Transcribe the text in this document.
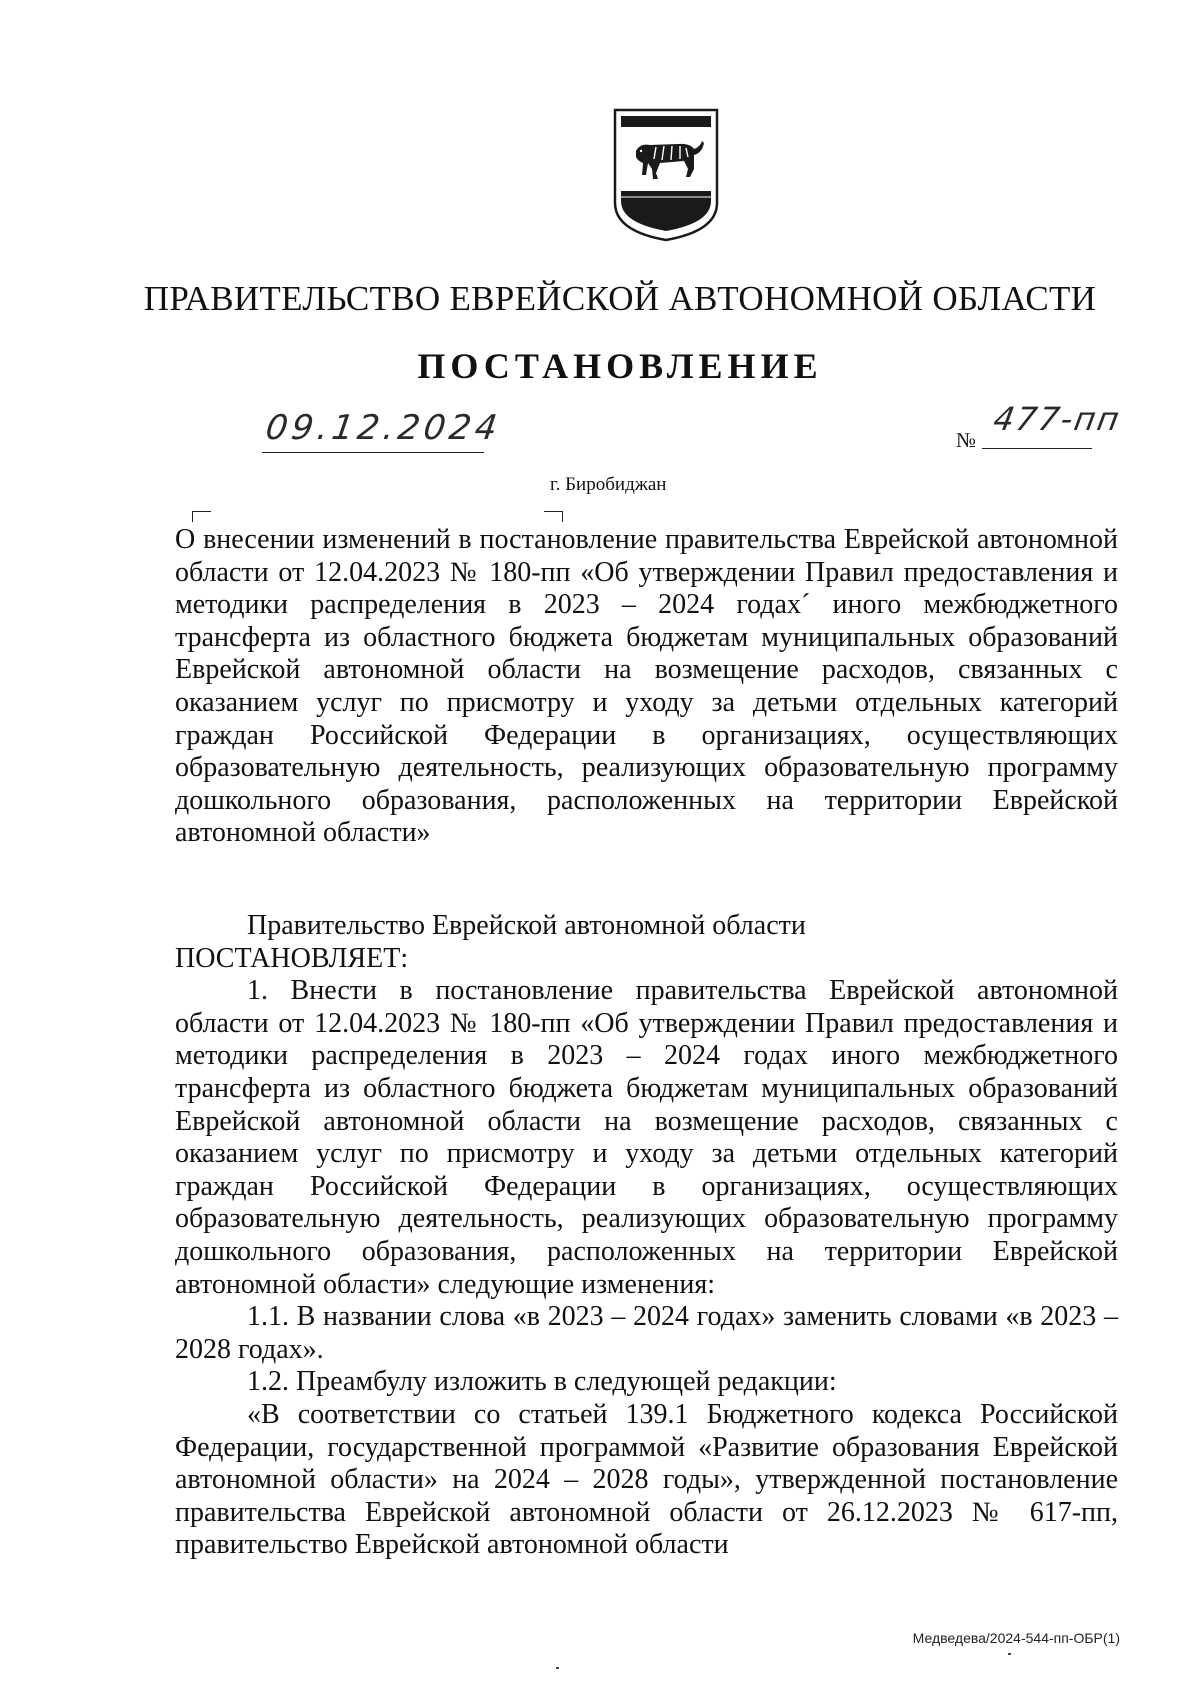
ПРАВИТЕЛЬСТВО ЕВРЕЙСКОЙ АВТОНОМНОЙ ОБЛАСТИ
ПОСТАНОВЛЕНИЕ
09.12.2024	№
477-пп
г. Биробиджан
О внесении изменений в постановление правительства Еврейской автономной области от 12.04.2023 № 180-пп «Об утверждении Правил предоставления и методики распределения в 2023 – 2024 годах´ иного межбюджетного трансферта из областного бюджета бюджетам муниципальных образований Еврейской автономной области на возмещение расходов, связанных с оказанием услуг по присмотру и уходу за детьми отдельных категорий граждан Российской Федерации в организациях, осуществляющих образовательную деятельность, реализующих образовательную программу дошкольного образования, расположенных на территории Еврейской автономной области»

Правительство Еврейской автономной области

ПОСТАНОВЛЯЕТ:

1. Внести в постановление правительства Еврейской автономной области от 12.04.2023 № 180-пп «Об утверждении Правил предоставления и методики распределения в 2023 – 2024 годах иного межбюджетного трансферта из областного бюджета бюджетам муниципальных образований Еврейской автономной области на возмещение расходов, связанных с оказанием услуг по присмотру и уходу за детьми отдельных категорий граждан Российской Федерации в организациях, осуществляющих образовательную деятельность, реализующих образовательную программу дошкольного образования, расположенных на территории Еврейской автономной области» следующие изменения:

1.1. В названии слова «в 2023 – 2024 годах» заменить словами «в 2023 – 2028 годах».

1.2. Преамбулу изложить в следующей редакции:

«В соответствии со статьей 139.1 Бюджетного кодекса Российской Федерации, государственной программой «Развитие образования Еврейской автономной области» на 2024 – 2028 годы», утвержденной постановление правительства Еврейской автономной области от 26.12.2023 № 617-пп, правительство Еврейской автономной области

Медведева/2024-544-пп-ОБР(1)
